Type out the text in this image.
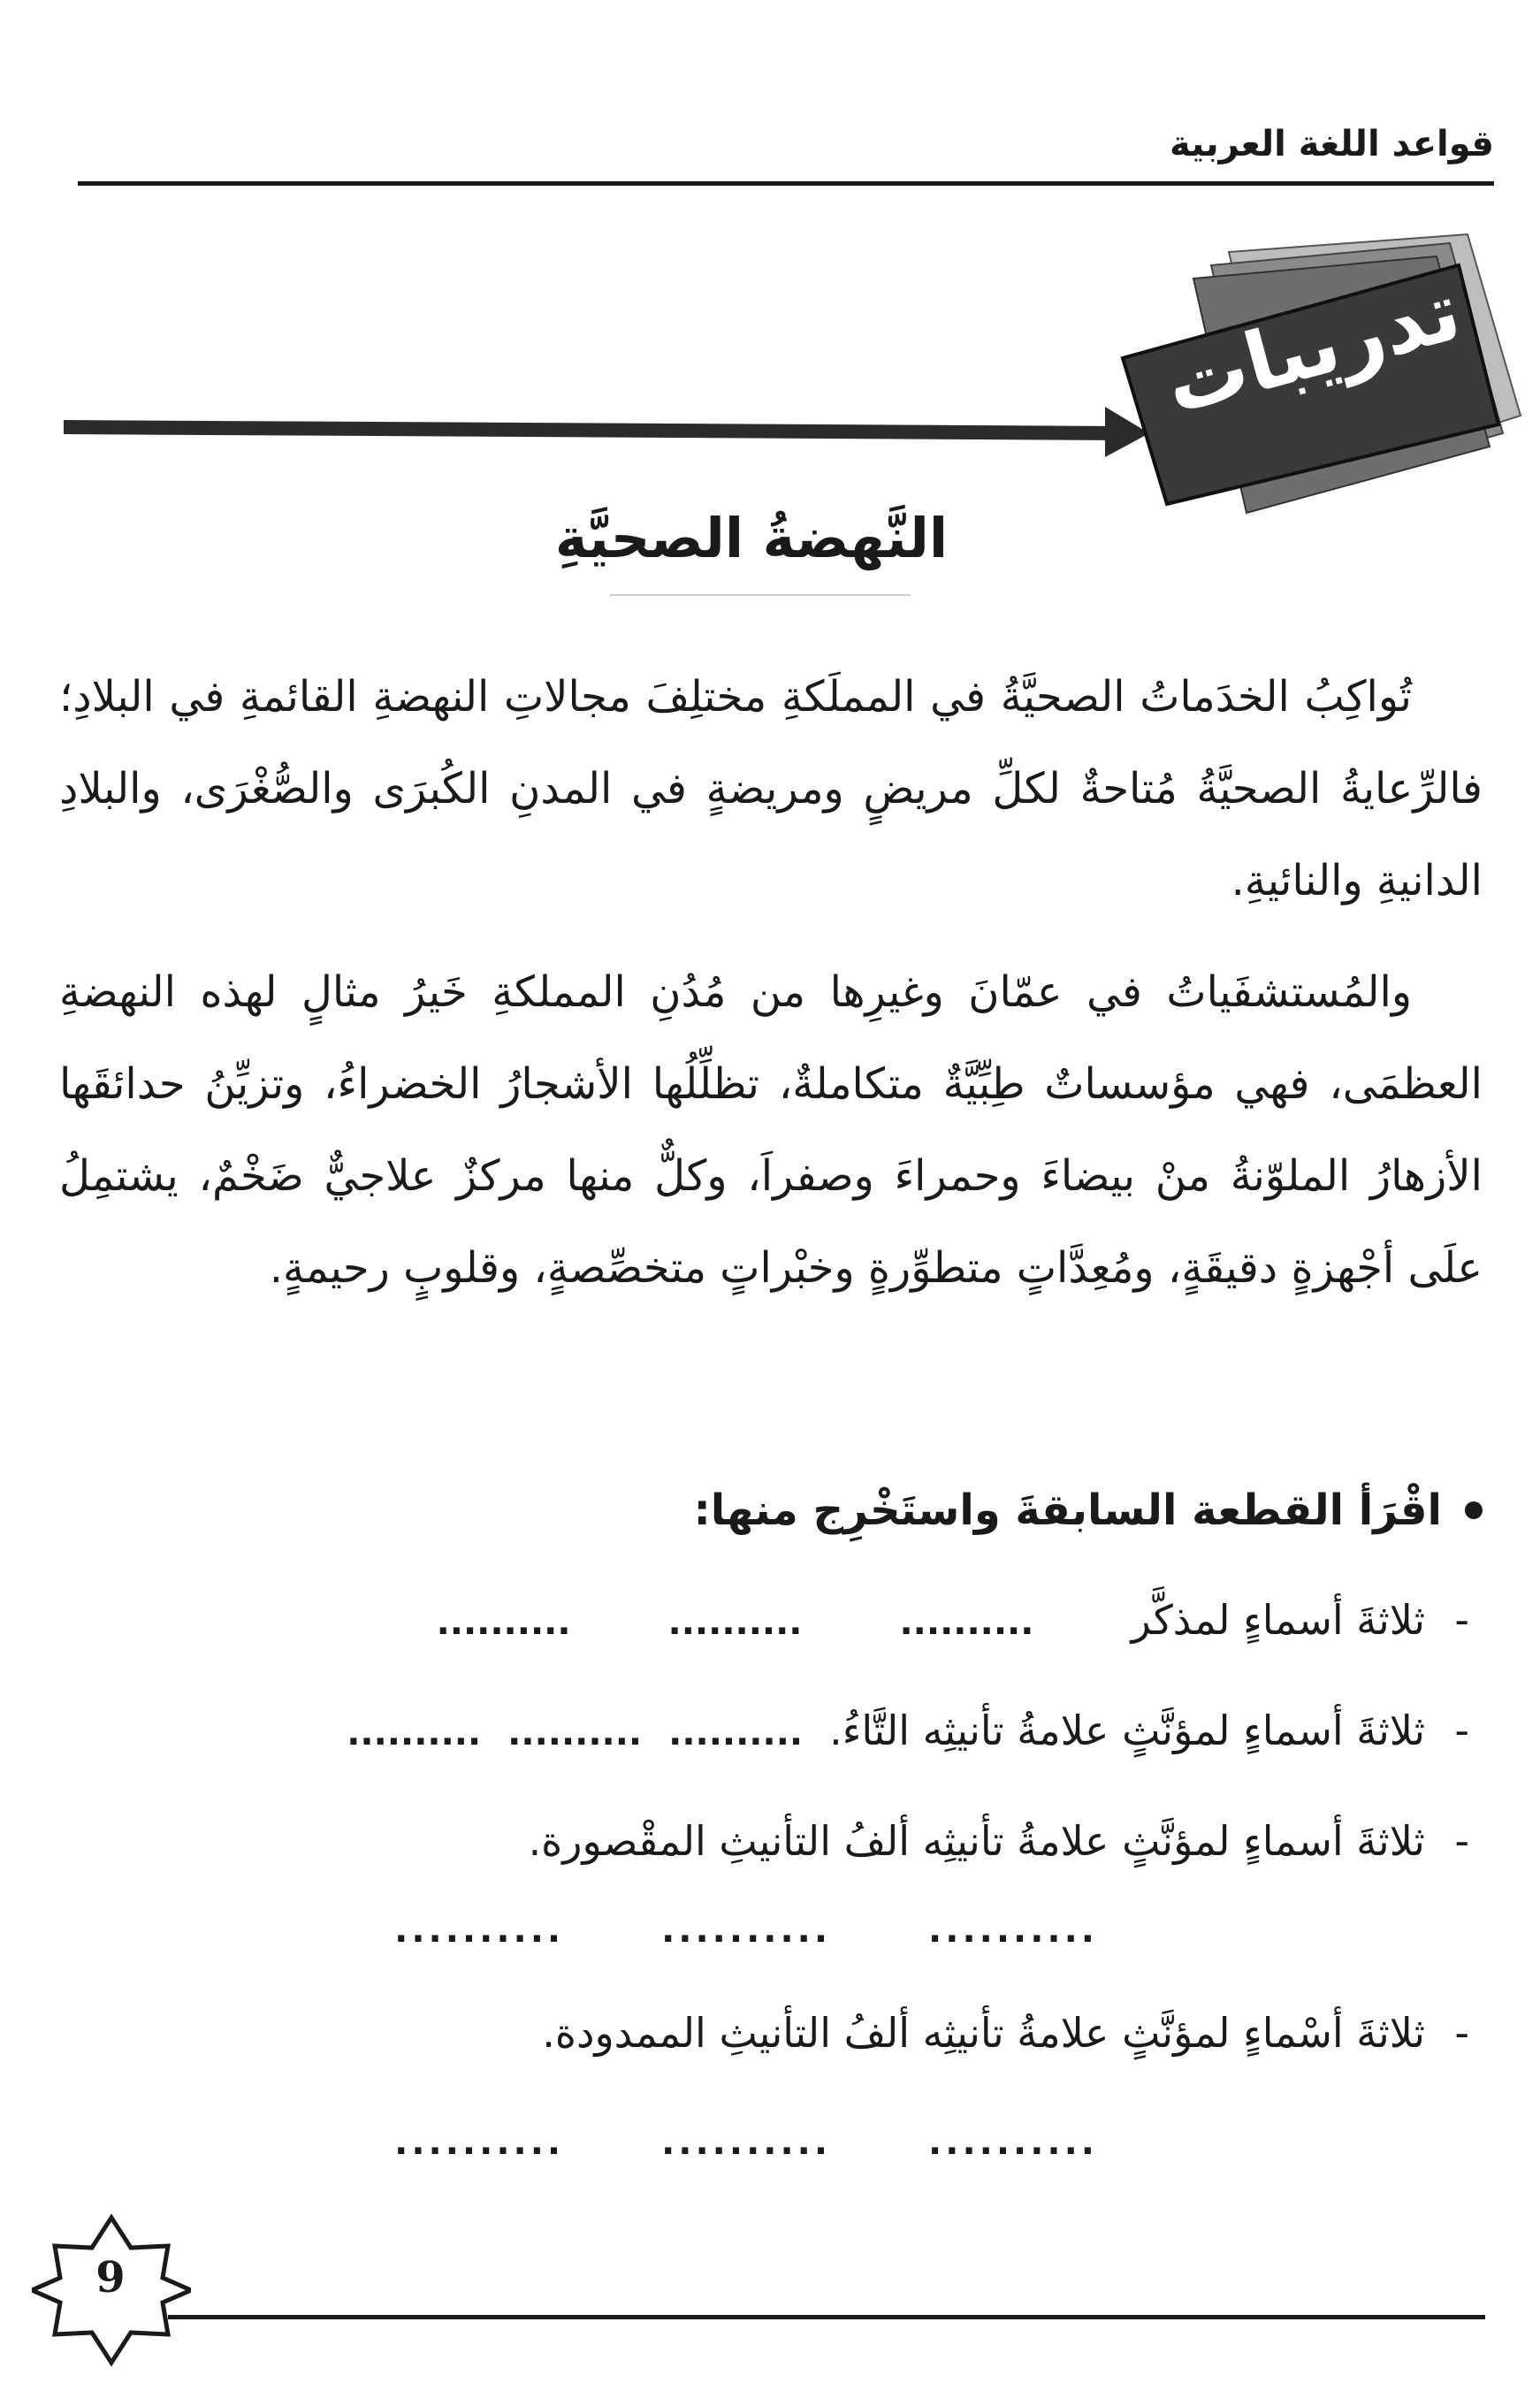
قواعد اللغة العربية
تدريبات
النَّهضةُ الصحيَّةِ

تُواكِبُ الخدَماتُ الصحيَّةُ في المملَكةِ مختلِفَ مجالاتِ النهضةِ القائمةِ في البلادِ؛ فالرِّعايةُ الصحيَّةُ مُتاحةٌ لكلِّ مريضٍ ومريضةٍ في المدنِ الكُبرَى والصُّغْرَى، والبلادِ الدانيةِ والنائيةِ.

والمُستشفَياتُ في عمّانَ وغيرِها من مُدُنِ المملكةِ خَيرُ مثالٍ لهذه النهضةِ العظمَى، فهي مؤسساتٌ طِبِّيَّةٌ متكاملةٌ، تظلِّلُها الأشجارُ الخضراءُ، وتزيِّنُ حدائقَها الأزهارُ الملوّنةُ منْ بيضاءَ وحمراءَ وصفراَ، وكلٌّ منها مركزٌ علاجيٌّ ضَخْمٌ، يشتمِلُ علَى أجْهزةٍ دقيقَةٍ، ومُعِدَّاتٍ متطوِّرةٍ وخبْراتٍ متخصِّصةٍ، وقلوبٍ رحيمةٍ.

اقْرَأ القطعة السابقةَ واستَخْرِج منها:
-ثلاثةَ أسماءٍ لمذكَّر..............................
-ثلاثةَ أسماءٍ لمؤنَّثٍ علامةُ تأنيثِه التَّاءُ...............................
-ثلاثةَ أسماءٍ لمؤنَّثٍ علامةُ تأنيثِه ألفُ التأنيثِ المقْصورة.
..............................
-ثلاثةَ أسْماءٍ لمؤنَّثٍ علامةُ تأنيثِه ألفُ التأنيثِ الممدودة.
..............................
9
